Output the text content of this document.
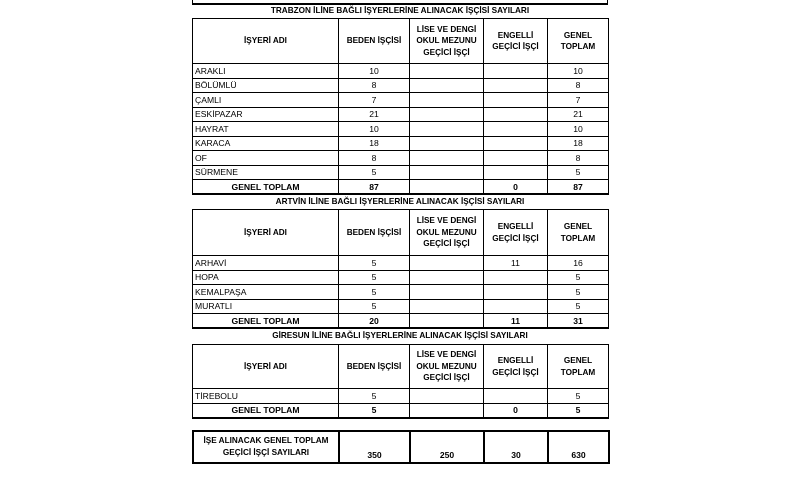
TRABZON İLİNE BAĞLI İŞYERLERİNE ALINACAK İŞÇİSİ SAYILARI
İŞYERİ ADI	BEDEN İŞÇİSİ	LİSE VE DENGİ OKUL MEZUNU GEÇİCİ İŞÇİ	ENGELLİ GEÇİCİ İŞÇİ	GENEL TOPLAM
ARAKLI	10			10
BÖLÜMLÜ	8			8
ÇAMLI	7			7
ESKİPAZAR	21			21
HAYRAT	10			10
KARACA	18			18
OF	8			8
SÜRMENE	5			5
GENEL TOPLAM	87		0	87
ARTVİN İLİNE BAĞLI İŞYERLERİNE ALINACAK İŞÇİSİ SAYILARI
İŞYERİ ADI	BEDEN İŞÇİSİ	LİSE VE DENGİ OKUL MEZUNU GEÇİCİ İŞÇİ	ENGELLİ GEÇİCİ İŞÇİ	GENEL TOPLAM
ARHAVİ	5		11	16
HOPA	5			5
KEMALPAŞA	5			5
MURATLI	5			5
GENEL TOPLAM	20		11	31
GİRESUN İLİNE BAĞLI İŞYERLERİNE ALINACAK İŞÇİSİ SAYILARI
İŞYERİ ADI	BEDEN İŞÇİSİ	LİSE VE DENGİ OKUL MEZUNU GEÇİCİ İŞÇİ	ENGELLİ GEÇİCİ İŞÇİ	GENEL TOPLAM
TİREBOLU	5			5
GENEL TOPLAM	5		0	5
İŞE ALINACAK GENEL TOPLAM GEÇİCİ İŞÇİ SAYILARI	350	250	30	630
